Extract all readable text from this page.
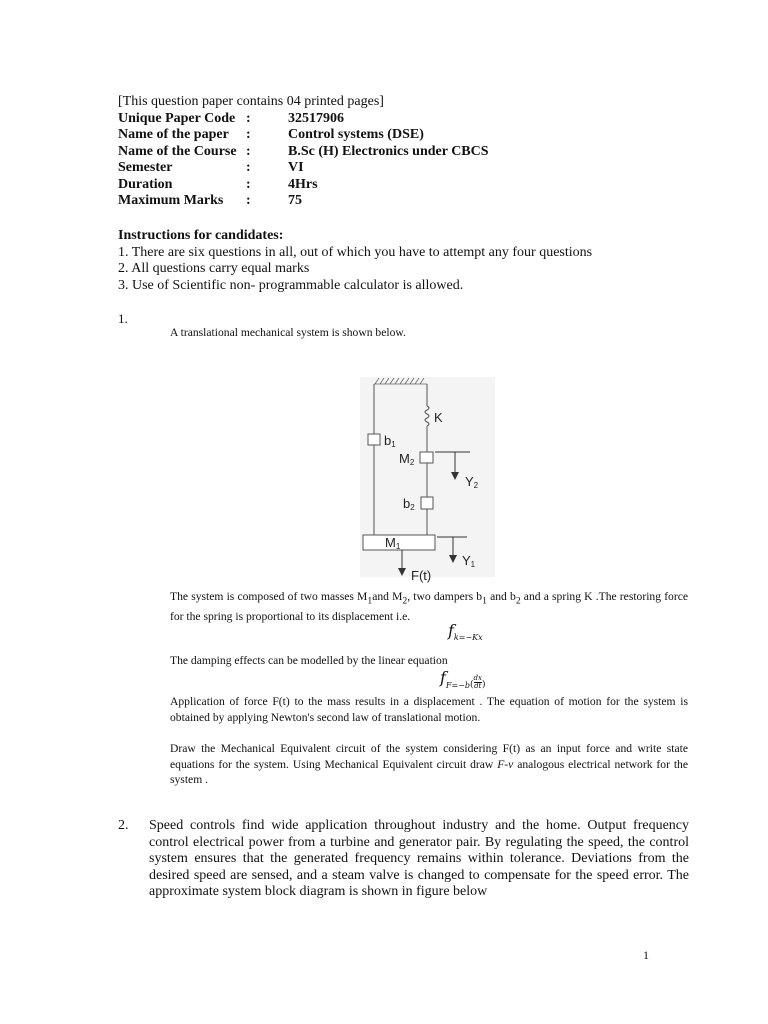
[This question paper contains 04 printed pages]
Unique Paper Code :	32517906
Name of the paper :	Control systems (DSE)
Name of the Course :	B.Sc (H) Electronics under CBCS
Semester	:	VI
Duration	:	4Hrs
Maximum Marks :	75
Instructions for candidates:
1. There are six questions in all, out of which you have to attempt any four questions
2. All questions carry equal marks
3. Use of Scientific non- programmable calculator is allowed.
1.
A translational mechanical system is shown below.
b1
K
M2
Y2
b2
M1
Y1
F(t)
The system is composed of two masses $M_1and$ $M_2$, two dampers $b_1$ and $b_2$ and a spring K .The restoring force for the spring is proportional to its displacement i.e.
$f_{k=-Kx}$
The damping effects can be modelled by the linear equation
$f_{F=-b(} \frac{dx}{dt} _)$
Application of force F(t) to the mass results in a displacement . The equation of motion for the system is obtained by applying Newton's second law of translational motion.
Draw the Mechanical Equivalent circuit of the system considering F(t) as an input force and write state equations for the system. Using Mechanical Equivalent circuit draw F-v analogous electrical network for the system .
2. Speed controls find wide application throughout industry and the home. Output frequency control electrical power from a turbine and generator pair. By regulating the speed, the control system ensures that the generated frequency remains within tolerance. Deviations from the desired speed are sensed, and a steam valve is changed to compensate for the speed error. The approximate system block diagram is shown in figure below
1
